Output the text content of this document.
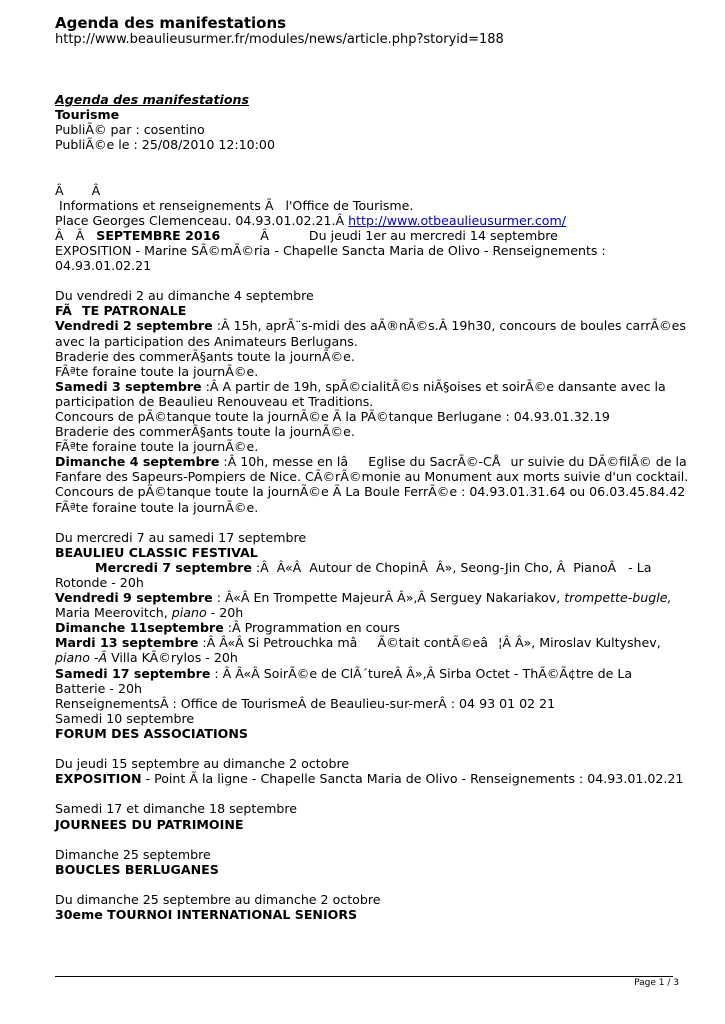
Agenda des manifestations
http://www.beaulieusurmer.fr/modules/news/article.php?storyid=188
Agenda des manifestations
Tourisme
PubliÃ© par : cosentino
PubliÃ©e le : 25/08/2010 12:10:00
Â       Â
Informations et renseignements Ã   l'Office de Tourisme.
Place Georges Clemenceau. 04.93.01.02.21.Â http://www.otbeaulieusurmer.com/
Â   Â   SEPTEMBRE 2016          Â          Du jeudi 1er au mercredi 14 septembre
EXPOSITION - Marine SÃ©mÃ©ria - Chapelle Sancta Maria de Olivo - Renseignements :
04.93.01.02.21
Du vendredi 2 au dimanche 4 septembre
FÃTE PATRONALE
Vendredi 2 septembre :Â 15h, aprÃ¨s-midi des aÃ®nÃ©s.Â 19h30, concours de boules carrÃ©es
avec la participation des Animateurs Berlugans.
Braderie des commerÃ§ants toute la journÃ©e.
FÃªte foraine toute la journÃ©e.
Samedi 3 septembre :Â A partir de 19h, spÃ©cialitÃ©s niÃ§oises et soirÃ©e dansante avec la
participation de Beaulieu Renouveau et Traditions.
Concours de pÃ©tanque toute la journÃ©e Ã la PÃ©tanque Berlugane : 04.93.01.32.19
Braderie des commerÃ§ants toute la journÃ©e.
FÃªte foraine toute la journÃ©e.
Dimanche 4 septembre :Â 10h, messe en lâEglise du SacrÃ©-CÅur suivie du DÃ©filÃ© de la
Fanfare des Sapeurs-Pompiers de Nice. CÃ©rÃ©monie au Monument aux morts suivie d'un cocktail.
Concours de pÃ©tanque toute la journÃ©e Ã La Boule FerrÃ©e : 04.93.01.31.64 ou 06.03.45.84.42
FÃªte foraine toute la journÃ©e.
Du mercredi 7 au samedi 17 septembre
BEAULIEU CLASSIC FESTIVAL
Mercredi 7 septembre :Â  Â«Â  Autour de ChopinÂ  Â», Seong-Jin Cho, Â  PianoÂ   - La
Rotonde - 20h
Vendredi 9 septembre : Â«Â En Trompette MajeurÂ Â»,Â Serguey Nakariakov, trompette-bugle,
Maria Meerovitch, piano - 20h
Dimanche 11septembre :Â Programmation en cours
Mardi 13 septembre :Â Â«Â Si Petrouchka mâÃ©tait contÃ©eâ¦Â Â», Miroslav Kultyshev,
piano -Â Villa KÃ©rylos - 20h
Samedi 17 septembre : Â Â«Â SoirÃ©e de ClÃ´tureÂ Â»,Â Sirba Octet - ThÃ©Ã¢tre de La
Batterie - 20h
RenseignementsÂ : Office de TourismeÂ de Beaulieu-sur-merÂ : 04 93 01 02 21
Samedi 10 septembre
FORUM DES ASSOCIATIONS
Du jeudi 15 septembre au dimanche 2 octobre
EXPOSITION - Point Ã la ligne - Chapelle Sancta Maria de Olivo - Renseignements : 04.93.01.02.21
Samedi 17 et dimanche 18 septembre
JOURNEES DU PATRIMOINE
Dimanche 25 septembre
BOUCLES BERLUGANES
Du dimanche 25 septembre au dimanche 2 octobre
30eme TOURNOI INTERNATIONAL SENIORS
Page 1 / 3
